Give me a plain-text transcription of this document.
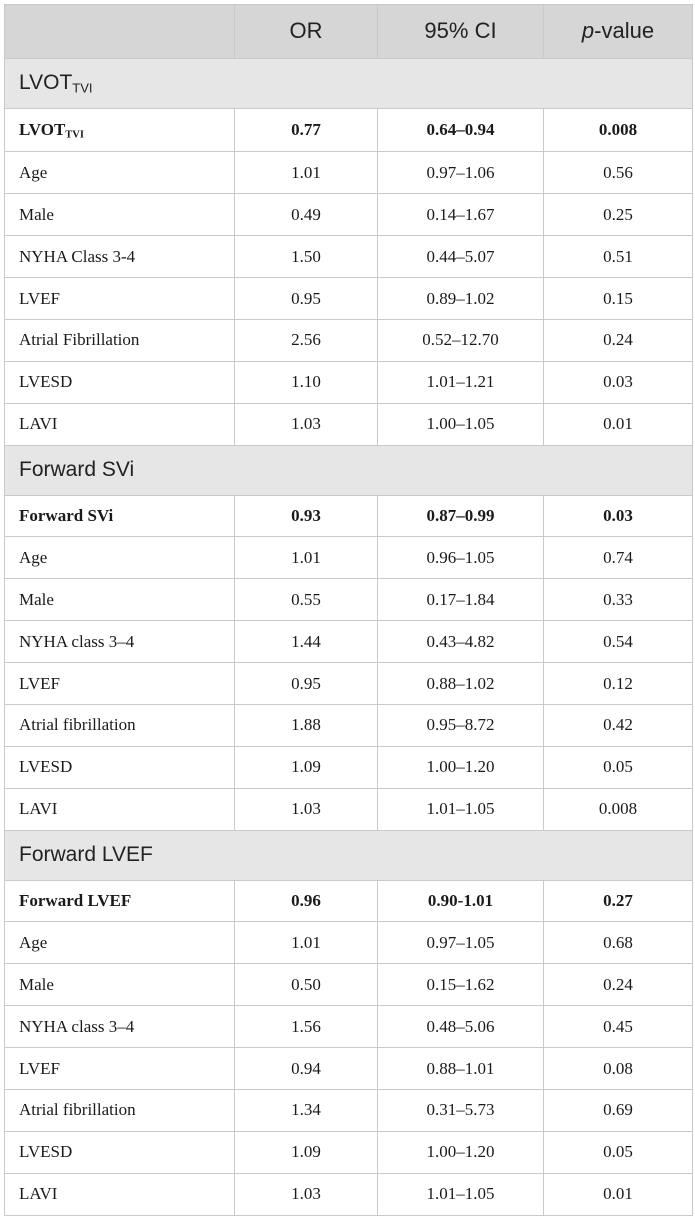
	OR	95% CI	p-value
$LVOT_{TVI}$
$LVOT_{TVI}$	0.77	0.64–0.94	0.008
Age	1.01	0.97–1.06	0.56
Male	0.49	0.14–1.67	0.25
NYHA Class 3-4	1.50	0.44–5.07	0.51
LVEF	0.95	0.89–1.02	0.15
Atrial Fibrillation	2.56	0.52–12.70	0.24
LVESD	1.10	1.01–1.21	0.03
LAVI	1.03	1.00–1.05	0.01
Forward SVi			
Forward SVi	0.93	0.87–0.99	0.03
Age	1.01	0.96–1.05	0.74
Male	0.55	0.17–1.84	0.33
NYHA class 3–4	1.44	0.43–4.82	0.54
LVEF	0.95	0.88–1.02	0.12
Atrial fibrillation	1.88	0.95–8.72	0.42
LVESD	1.09	1.00–1.20	0.05
LAVI	1.03	1.01–1.05	0.008
Forward LVEF			
Forward LVEF	0.96	0.90-1.01	0.27
Age	1.01	0.97–1.05	0.68
Male	0.50	0.15–1.62	0.24
NYHA class 3–4	1.56	0.48–5.06	0.45
LVEF	0.94	0.88–1.01	0.08
Atrial fibrillation	1.34	0.31–5.73	0.69
LVESD	1.09	1.00–1.20	0.05
LAVI	1.03	1.01–1.05	0.01
